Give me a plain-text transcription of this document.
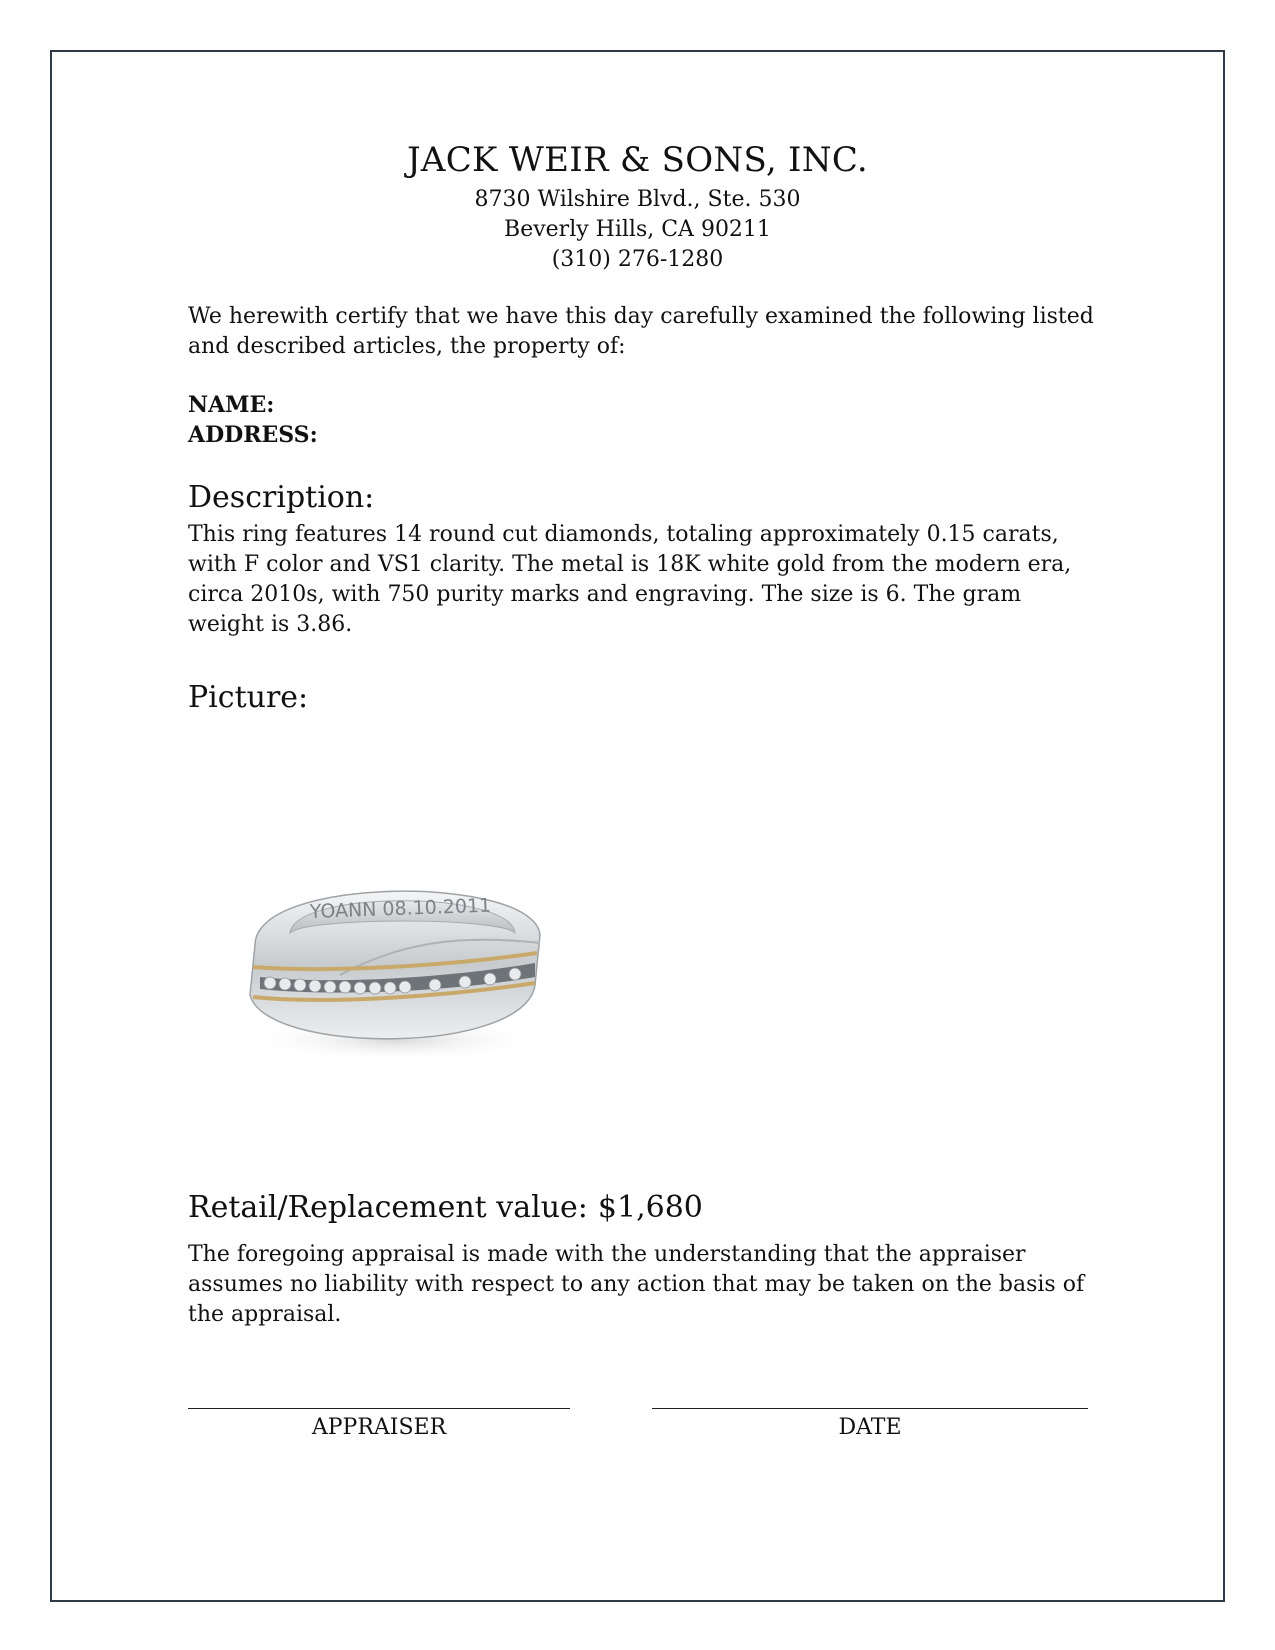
JACK WEIR & SONS, INC.
8730 Wilshire Blvd., Ste. 530
Beverly Hills, CA 90211
(310) 276-1280
We herewith certify that we have this day carefully examined the following listed and described articles, the property of:
NAME:
ADDRESS:
Description:
This ring features 14 round cut diamonds, totaling approximately 0.15 carats, with F color and VS1 clarity. The metal is 18K white gold from the modern era, circa 2010s, with 750 purity marks and engraving. The size is 6. The gram weight is 3.86.
Picture:
YOANN 08.10.2011
Retail/Replacement value: $1,680
The foregoing appraisal is made with the understanding that the appraiser assumes no liability with respect to any action that may be taken on the basis of the appraisal.
APPRAISER	DATE
